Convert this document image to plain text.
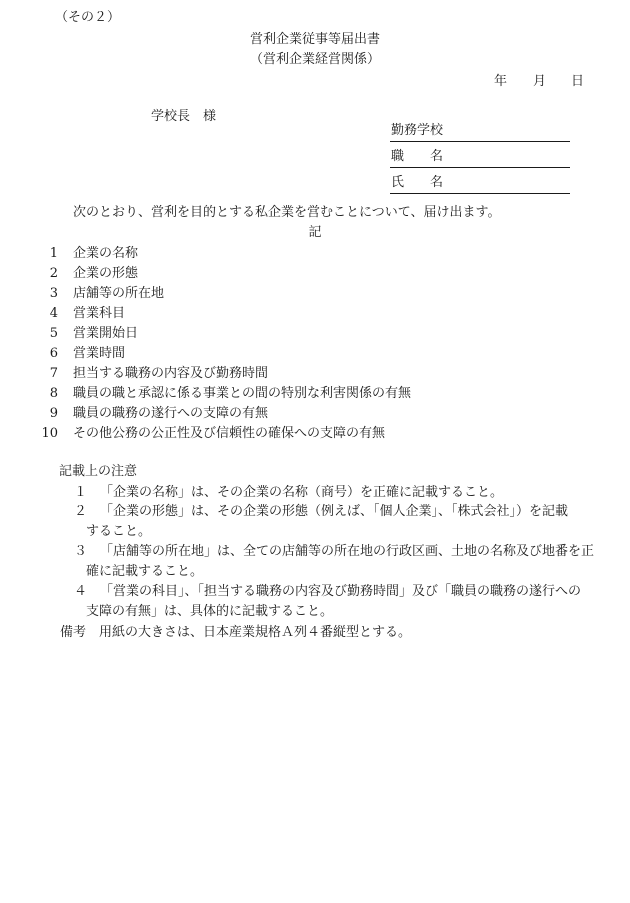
（その２）
営利企業従事等届出書
（営利企業経営関係）
年 月 日
学校長　様
勤務学校
職 名
氏 名
次のとおり、営利を目的とする私企業を営むことについて、届け出ます。
記
1 企業の名称
2 企業の形態
3 店舗等の所在地
4 営業科目
5 営業開始日
6 営業時間
7 担当する職務の内容及び勤務時間
8 職員の職と承認に係る事業との間の特別な利害関係の有無
9 職員の職務の遂行への支障の有無
10 その他公務の公正性及び信頼性の確保への支障の有無
記載上の注意
１ 「企業の名称」は、その企業の名称（商号）を正確に記載すること。
２ 「企業の形態」は、その企業の形態（例えば、「個人企業」、「株式会社」）を記載
すること。
３ 「店舗等の所在地」は、全ての店舗等の所在地の行政区画、土地の名称及び地番を正
確に記載すること。
４ 「営業の科目」、「担当する職務の内容及び勤務時間」及び「職員の職務の遂行への
支障の有無」は、具体的に記載すること。
備考　用紙の大きさは、日本産業規格Ａ列４番縦型とする。
